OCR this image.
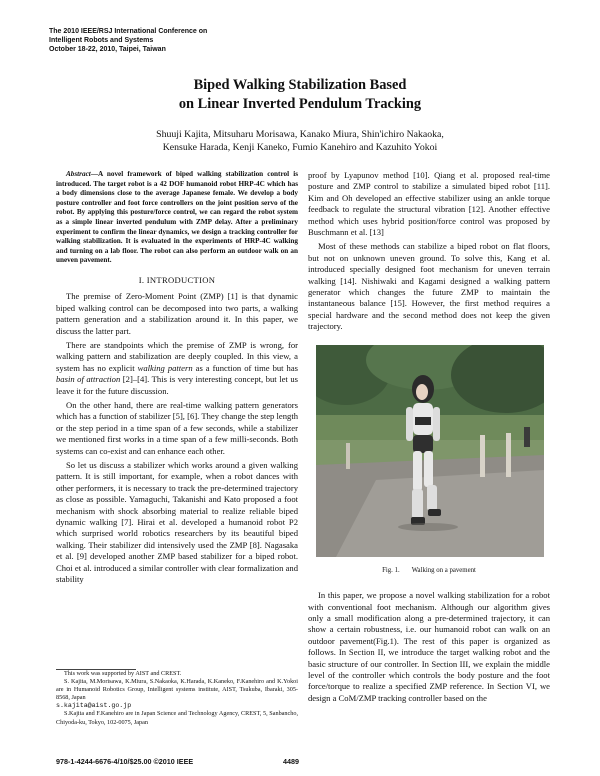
The 2010 IEEE/RSJ International Conference on
Intelligent Robots and Systems
October 18-22, 2010, Taipei, Taiwan
Biped Walking Stabilization Based
on Linear Inverted Pendulum Tracking
Shuuji Kajita, Mitsuharu Morisawa, Kanako Miura, Shin'ichiro Nakaoka,
Kensuke Harada, Kenji Kaneko, Fumio Kanehiro and Kazuhito Yokoi

Abstract—A novel framework of biped walking stabilization control is introduced. The target robot is a 42 DOF humanoid robot HRP-4C which has a body dimensions close to the average Japanese female. We develop a body posture controller and foot force controllers on the joint position servo of the robot. By applying this posture/force control, we can regard the robot system as a simple linear inverted pendulum with ZMP delay. After a preliminary experiment to confirm the linear dynamics, we design a tracking controller for walking stabilization. It is evaluated in the experiments of HRP-4C walking and turning on a lab floor. The robot can also perform an outdoor walk on an uneven pavement.

I. INTRODUCTION

The premise of Zero-Moment Point (ZMP) [1] is that dynamic biped walking control can be decomposed into two parts, a walking pattern generation and a stabilization around it. In this paper, we discuss the latter part.

There are standpoints which the premise of ZMP is wrong, for walking pattern and stabilization are deeply coupled. In this view, a system has no explicit walking pattern as a function of time but has basin of attraction [2]–[4]. This is very interesting concept, but let us leave it for the future discussion.

On the other hand, there are real-time walking pattern generators which has a function of stabilizer [5], [6]. They change the step length or the step period in a time span of a few seconds, while a stabilizer we mentioned first works in a time span of a few milli-seconds. Both systems can co-exist and can enhance each other.

So let us discuss a stabilizer which works around a given walking pattern. It is still important, for example, when a robot dances with other performers, it is necessary to track the pre-determined trajectory as close as possible. Yamaguchi, Takanishi and Kato proposed a foot mechanism with shock absorbing material to realize reliable biped dynamic walking [7]. Hirai et al. developed a humanoid robot P2 which surprised world robotics researchers by its beautiful biped walking. Their stabilizer did intensively used the ZMP [8]. Nagasaka et al. [9] developed another ZMP based stabilizer for a biped robot. Choi et al. introduced a similar controller with clear formalization and stability

proof by Lyapunov method [10]. Qiang et al. proposed real-time posture and ZMP control to stabilize a simulated biped robot [11]. Kim and Oh developed an effective stabilizer using an ankle torque feedback to regulate the structural vibration [12]. Another effective method which uses hybrid position/force control was proposed by Buschmann et al. [13]

Most of these methods can stabilize a biped robot on flat floors, but not on unknown uneven ground. To solve this, Kang et al. introduced specially designed foot mechanism for uneven terrain walking [14]. Nishiwaki and Kagami designed a walking pattern generator which changes the future ZMP to maintain the instantaneous balance [15]. However, the first method requires a special hardware and the second method does not keep the given trajectory.

Fig. 1. Walking on a pavement

In this paper, we propose a novel walking stabilization for a robot with conventional foot mechanism. Although our algorithm gives only a small modification along a pre-determined trajectory, it can show a certain robustness, i.e. our humanoid robot can walk on an outdoor pavement(Fig.1). The rest of this paper is organized as follows. In Section II, we introduce the target walking robot and the basic structure of our controller. In Section III, we explain the middle level of the controller which controls the body posture and the foot force/torque to realize a specified ZMP reference. In Section VI, we design a CoM/ZMP tracking controller based on the

This work was supported by AIST and CREST.
S. Kajita, M.Morisawa, K.Miura, S.Nakaoka, K.Harada, K.Kaneko, F.Kanehiro and K.Yokoi are in Humanoid Robotics Group, Intelligent systems institute, AIST, Tsukuba, Ibaraki, 305-8568, Japan
s.kajita@aist.go.jp
S.Kajita and F.Kanehiro are in Japan Science and Technology Agency, CREST, 5, Sanbancho, Chiyoda-ku, Tokyo, 102-0075, Japan
978-1-4244-6676-4/10/$25.00 ©2010 IEEE	4489
